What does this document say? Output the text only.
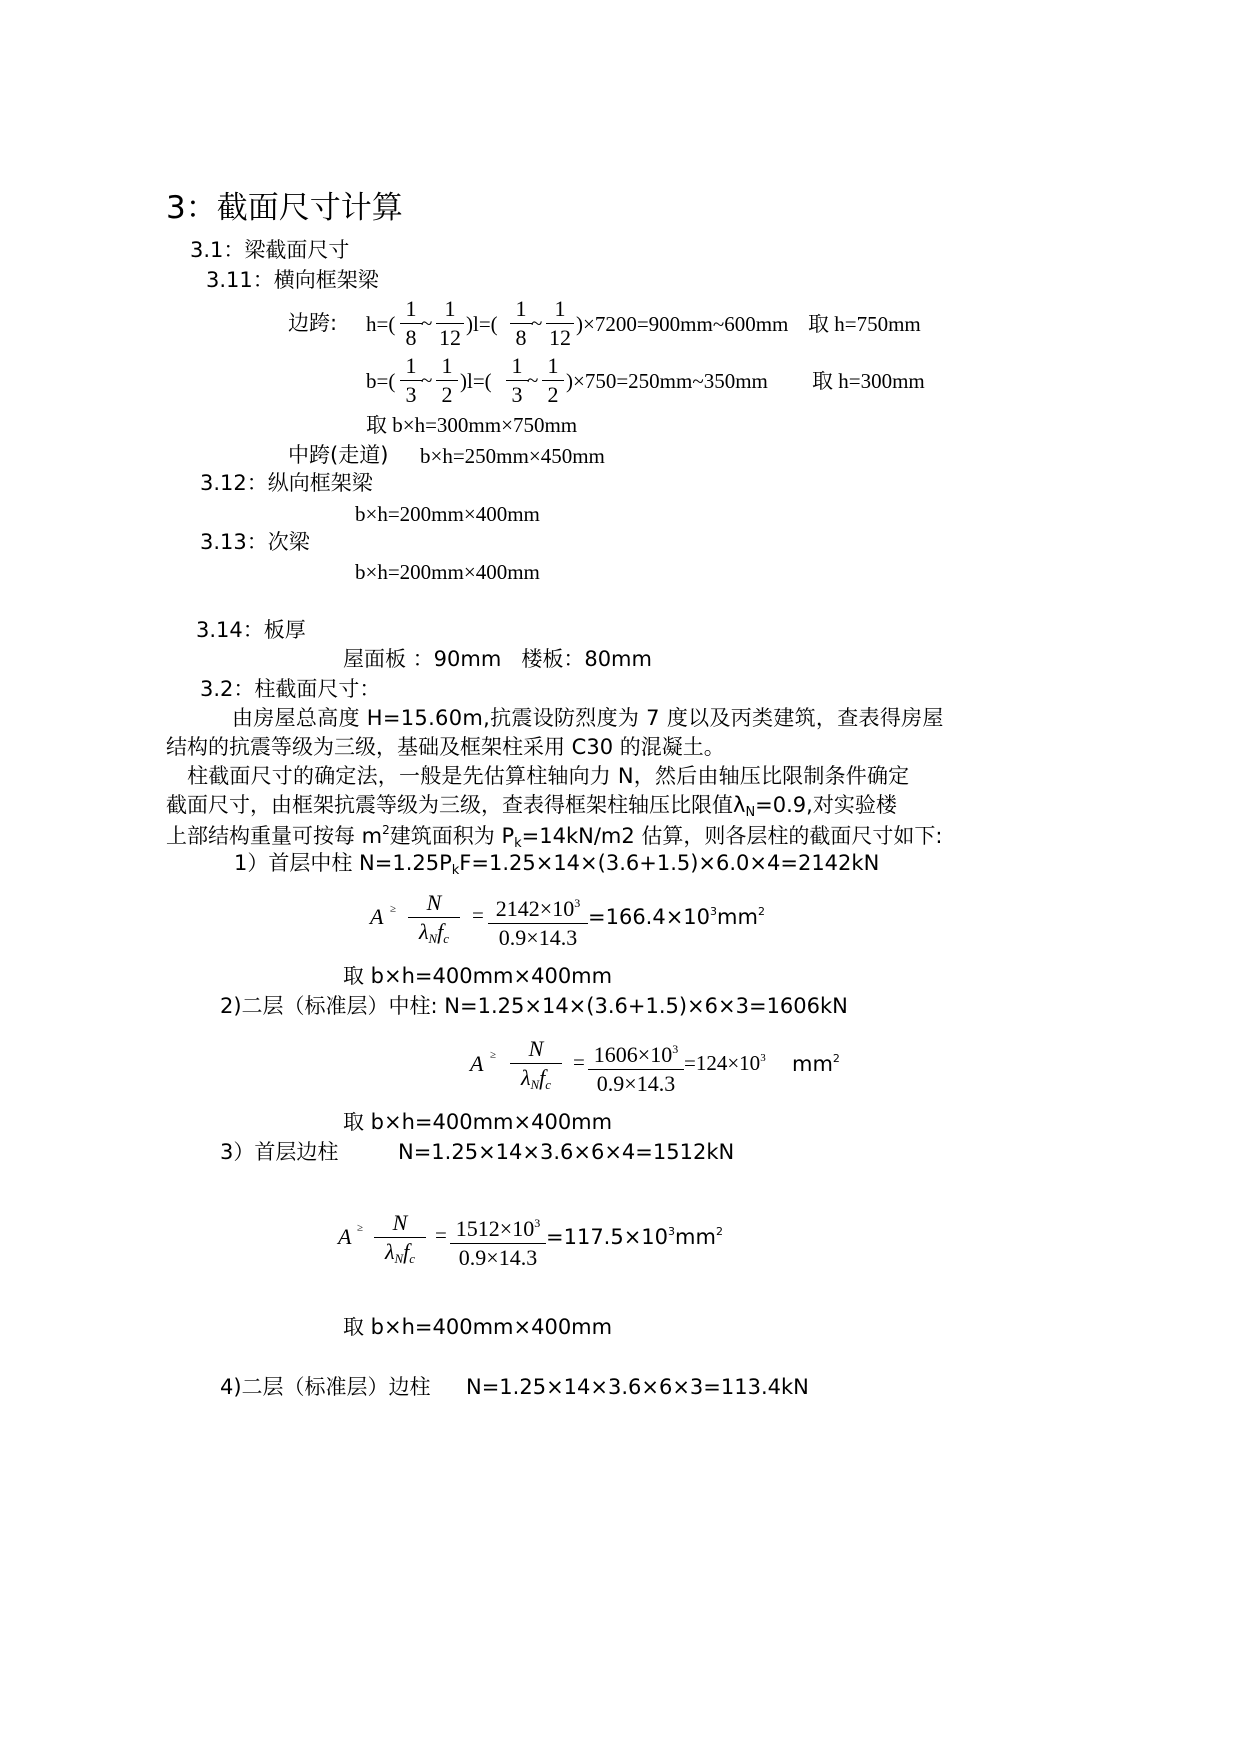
3：截面尺寸计算
3.1：梁截面尺寸
3.11：横向框架梁
边跨: h=(
1
8
~
1
12
)l=(
1
8
~
1
12
)×7200=900mm~600mm 取 h=750mm
b=(
1
3
~
1
2
)l=(
1
3
~
1
2
)×750=250mm~350mm 取 h=300mm
取 b×h=300mm×750mm
中跨(走道) b×h=250mm×450mm
3.12：纵向框架梁
b×h=200mm×400mm
3.13：次梁
b×h=200mm×400mm
3.14：板厚
屋面板 ：90mm   楼板：80mm
3.2：柱截面尺寸：
由房屋总高度 H=15.60m,抗震设防烈度为 7 度以及丙类建筑，查表得房屋
结构的抗震等级为三级，基础及框架柱采用 C30 的混凝土。
柱截面尺寸的确定法，一般是先估算柱轴向力 N，然后由轴压比限制条件确定
截面尺寸，由框架抗震等级为三级，查表得框架柱轴压比限值$\lambda_N=0.9$,对实验楼
上部结构重量可按每 $m^2$建筑面积为 $P_k=14kN/m2$ 估算，则各层柱的截面尺寸如下:
1）首层中柱 $N=1.25P_kF=1.25\times 14\times(3.6+1.5)\times 6.0\times 4=2142kN$
A ≥	N
$\lambda_Nf_c$
= $2142\times 10^3$
0.9×14.3
$=166.4\times 10^3mm^2$
取 b×h=400mm×400mm
2)二层（标准层）中柱: N=1.25×14×(3.6+1.5)×6×3=1606kN
A ≥	N
$\lambda_Nf_c$
= $1606\times 10^3$
0.9×14.3
$=124\times 10^3$ $mm^2$
取 b×h=400mm×400mm
3）首层边柱	N=1.25×14×3.6×6×4=1512kN
A ≥	N
$\lambda_Nf_c$
= $1512\times 10^3$
0.9×14.3
$=117.5\times 10^3mm^2$
取 b×h=400mm×400mm
4)二层（标准层）边柱 N=1.25×14×3.6×6×3=113.4kN
